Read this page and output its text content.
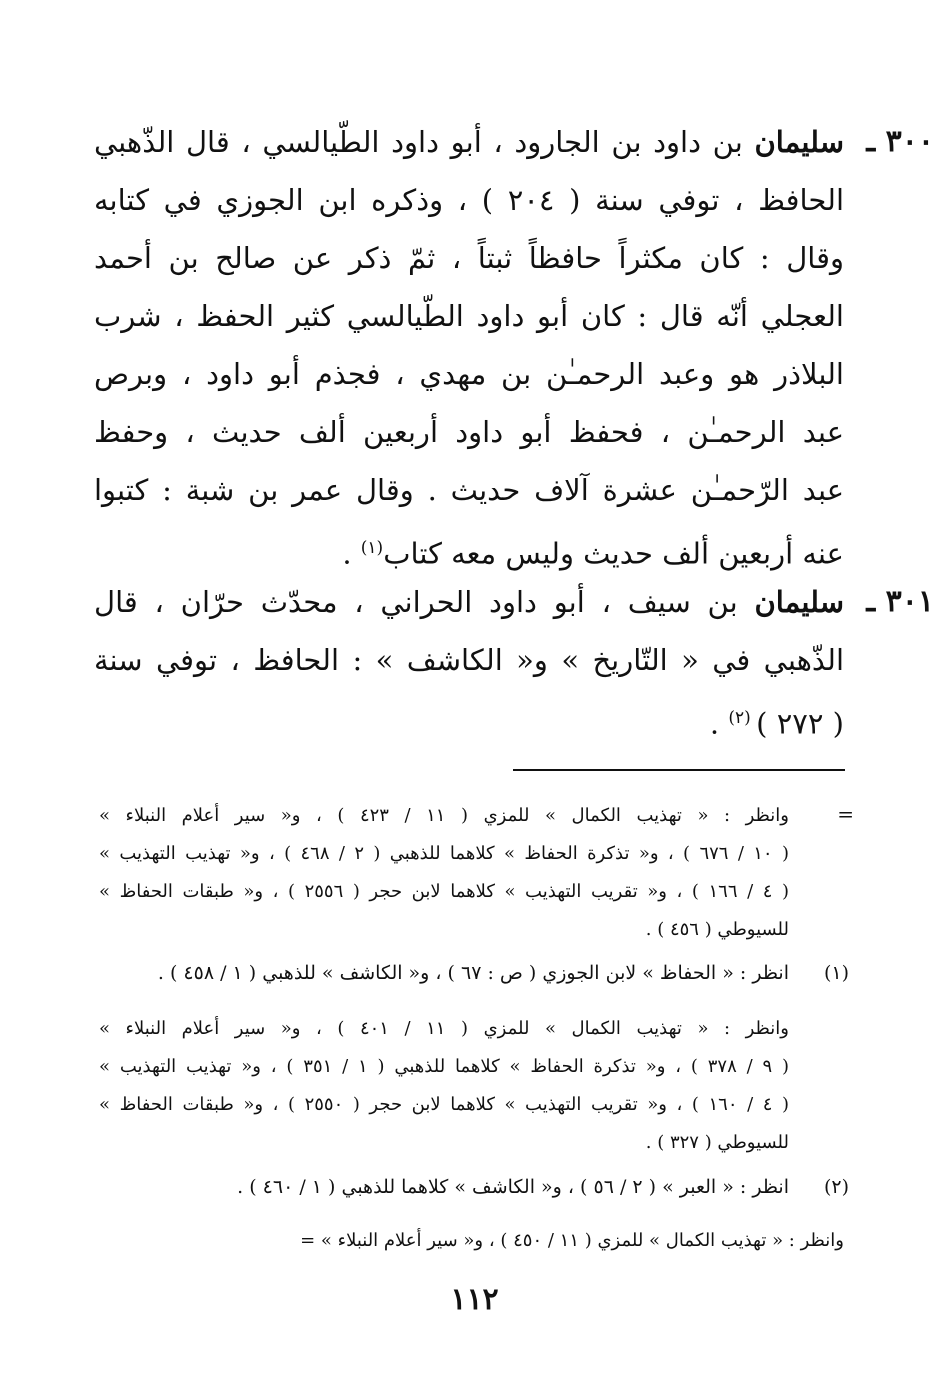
٣٠٠ ـ
سليمان بن داود بن الجارود ، أبو داود الطّيالسي ، قال الذّهبي
الحافظ ، توفي سنة ( ٢٠٤ ) ، وذكره ابن الجوزي في كتابه
وقال : كان مكثراً حافظاً ثبتاً ، ثمّ ذكر عن صالح بن أحمد
العجلي أنّه قال : كان أبو داود الطّيالسي كثير الحفظ ، شرب
البلاذر هو وعبد الرحمـٰن بن مهدي ، فجذم أبو داود ، وبرص
عبد الرحمـٰن ، فحفظ أبو داود أربعين ألف حديث ، وحفظ
عبد الرّحمـٰن عشرة آلاف حديث . وقال عمر بن شبة : كتبوا
عنه أربعين ألف حديث وليس معه كتاب$^{(١)}$ .
٣٠١ ـ
سليمان بن سيف ، أبو داود الحراني ، محدّث حرّان ، قال
الذّهبي في « التّاريخ » و« الكاشف » : الحافظ ، توفي سنة
( ٢٧٢ ) $^{(٢)}$ .
=
وانظر : « تهذيب الكمال » للمزي ( ١١ / ٤٢٣ ) ، و« سير أعلام النبلاء »
( ١٠ / ٦٧٦ ) ، و« تذكرة الحفاظ » كلاهما للذهبي ( ٢ / ٤٦٨ ) ، و« تهذيب التهذيب »
( ٤ / ١٦٦ ) ، و« تقريب التهذيب » كلاهما لابن حجر ( ٢٥٥٦ ) ، و« طبقات الحفاظ »
للسيوطي ( ٤٥٦ ) .
(١)
انظر : « الحفاظ » لابن الجوزي ( ص : ٦٧ ) ، و« الكاشف » للذهبي ( ١ / ٤٥٨ ) .
وانظر : « تهذيب الكمال » للمزي ( ١١ / ٤٠١ ) ، و« سير أعلام النبلاء »
( ٩ / ٣٧٨ ) ، و« تذكرة الحفاظ » كلاهما للذهبي ( ١ / ٣٥١ ) ، و« تهذيب التهذيب »
( ٤ / ١٦٠ ) ، و« تقريب التهذيب » كلاهما لابن حجر ( ٢٥٥٠ ) ، و« طبقات الحفاظ »
للسيوطي ( ٣٢٧ ) .
(٢)
انظر : « العبر » ( ٢ / ٥٦ ) ، و« الكاشف » كلاهما للذهبي ( ١ / ٤٦٠ ) .
وانظر : « تهذيب الكمال » للمزي ( ١١ / ٤٥٠ ) ، و« سير أعلام النبلاء » =
١١٢
